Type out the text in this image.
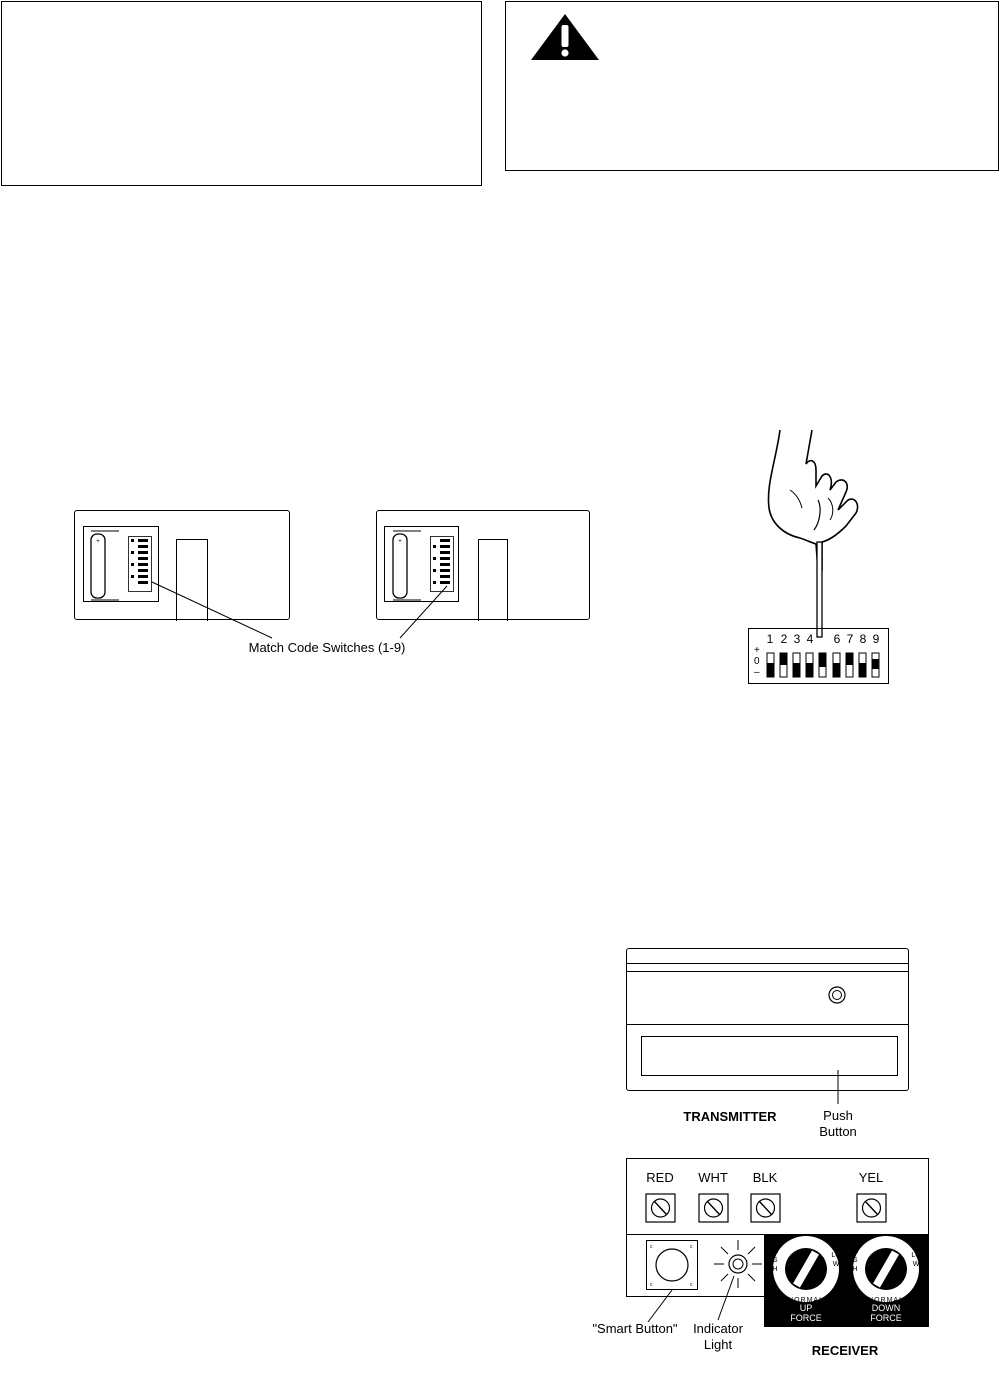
+	+
Match Code Switches (1-9)	+
0
–
1 2 3 4 6 7 8 9
TRANSMITTER	Push
Button
RED	WHT	BLK	YEL
c	c
c	c
HIGH
NORMAL
LOW
HIGH
NORMAL
LOW
UP
FORCE
DOWN
FORCE
"Smart Button"	Indicator
Light	RECEIVER
